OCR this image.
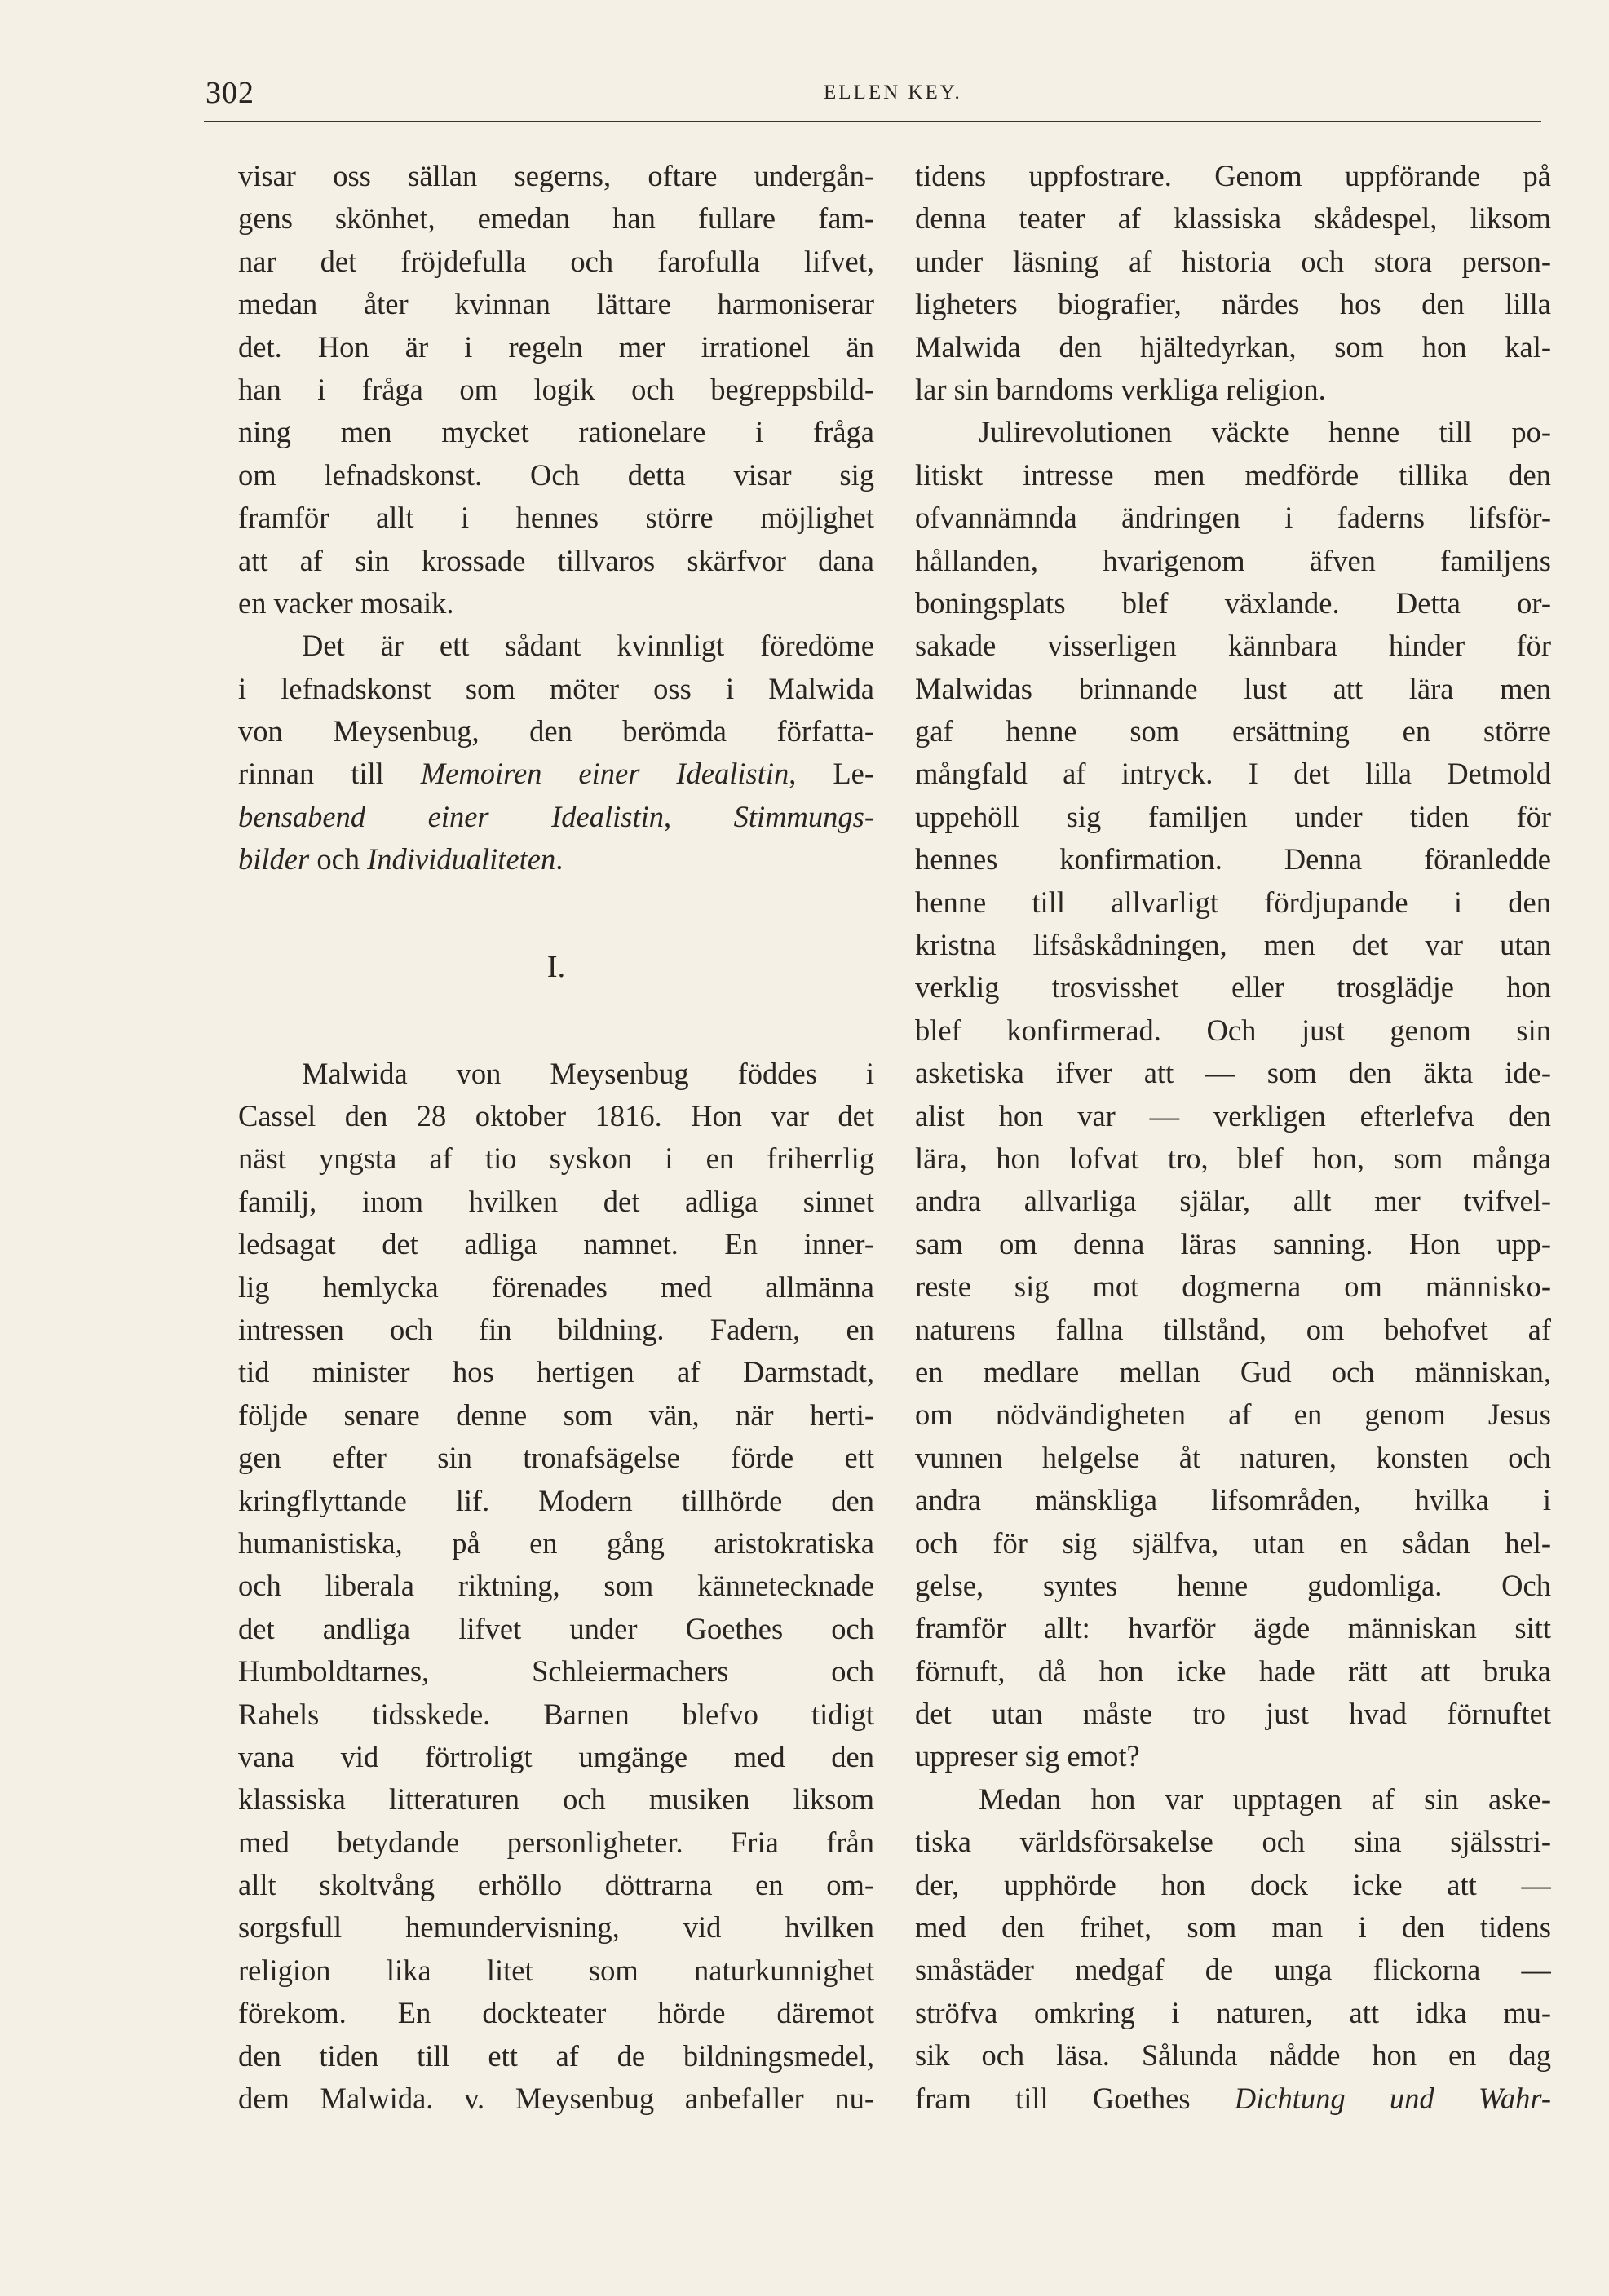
302	ELLEN KEY.
visar oss sällan segerns, oftare undergån-
gens skönhet, emedan han fullare fam-
nar det fröjdefulla och farofulla lifvet,
medan åter kvinnan lättare harmoniserar
det. Hon är i regeln mer irrationel än
han i fråga om logik och begreppsbild-
ning men mycket rationelare i fråga
om lefnadskonst. Och detta visar sig
framför allt i hennes större möjlighet
att af sin krossade tillvaros skärfvor dana
en vacker mosaik.
Det är ett sådant kvinnligt föredöme
i lefnadskonst som möter oss i Malwida
von Meysenbug, den berömda författa-
rinnan till Memoiren einer Idealistin, Le-
bensabend einer Idealistin, Stimmungs-
bilder och Individualiteten.
I.
Malwida von Meysenbug föddes i
Cassel den 28 oktober 1816. Hon var det
näst yngsta af tio syskon i en friherrlig
familj, inom hvilken det adliga sinnet
ledsagat det adliga namnet. En inner-
lig hemlycka förenades med allmänna
intressen och fin bildning. Fadern, en
tid minister hos hertigen af Darmstadt,
följde senare denne som vän, när herti-
gen efter sin tronafsägelse förde ett
kringflyttande lif. Modern tillhörde den
humanistiska, på en gång aristokratiska
och liberala riktning, som kännetecknade
det andliga lifvet under Goethes och
Humboldtarnes, Schleiermachers och
Rahels tidsskede. Barnen blefvo tidigt
vana vid förtroligt umgänge med den
klassiska litteraturen och musiken liksom
med betydande personligheter. Fria från
allt skoltvång erhöllo döttrarna en om-
sorgsfull hemundervisning, vid hvilken
religion lika litet som naturkunnighet
förekom. En dockteater hörde däremot
den tiden till ett af de bildningsmedel,
dem Malwida. v. Meysenbug anbefaller nu-
tidens uppfostrare. Genom uppförande på
denna teater af klassiska skådespel, liksom
under läsning af historia och stora person-
ligheters biografier, närdes hos den lilla
Malwida den hjältedyrkan, som hon kal-
lar sin barndoms verkliga religion.
Julirevolutionen väckte henne till po-
litiskt intresse men medförde tillika den
ofvannämnda ändringen i faderns lifsför-
hållanden, hvarigenom äfven familjens
boningsplats blef växlande. Detta or-
sakade visserligen kännbara hinder för
Malwidas brinnande lust att lära men
gaf henne som ersättning en större
mångfald af intryck. I det lilla Detmold
uppehöll sig familjen under tiden för
hennes konfirmation. Denna föranledde
henne till allvarligt fördjupande i den
kristna lifsåskådningen, men det var utan
verklig trosvisshet eller trosglädje hon
blef konfirmerad. Och just genom sin
asketiska ifver att — som den äkta ide-
alist hon var — verkligen efterlefva den
lära, hon lofvat tro, blef hon, som många
andra allvarliga själar, allt mer tvifvel-
sam om denna läras sanning. Hon upp-
reste sig mot dogmerna om människo-
naturens fallna tillstånd, om behofvet af
en medlare mellan Gud och människan,
om nödvändigheten af en genom Jesus
vunnen helgelse åt naturen, konsten och
andra mänskliga lifsområden, hvilka i
och för sig själfva, utan en sådan hel-
gelse, syntes henne gudomliga. Och
framför allt: hvarför ägde människan sitt
förnuft, då hon icke hade rätt att bruka
det utan måste tro just hvad förnuftet
uppreser sig emot?
Medan hon var upptagen af sin aske-
tiska världsförsakelse och sina själsstri-
der, upphörde hon dock icke att —
med den frihet, som man i den tidens
småstäder medgaf de unga flickorna —
ströfva omkring i naturen, att idka mu-
sik och läsa. Sålunda nådde hon en dag
fram till Goethes Dichtung und Wahr-
